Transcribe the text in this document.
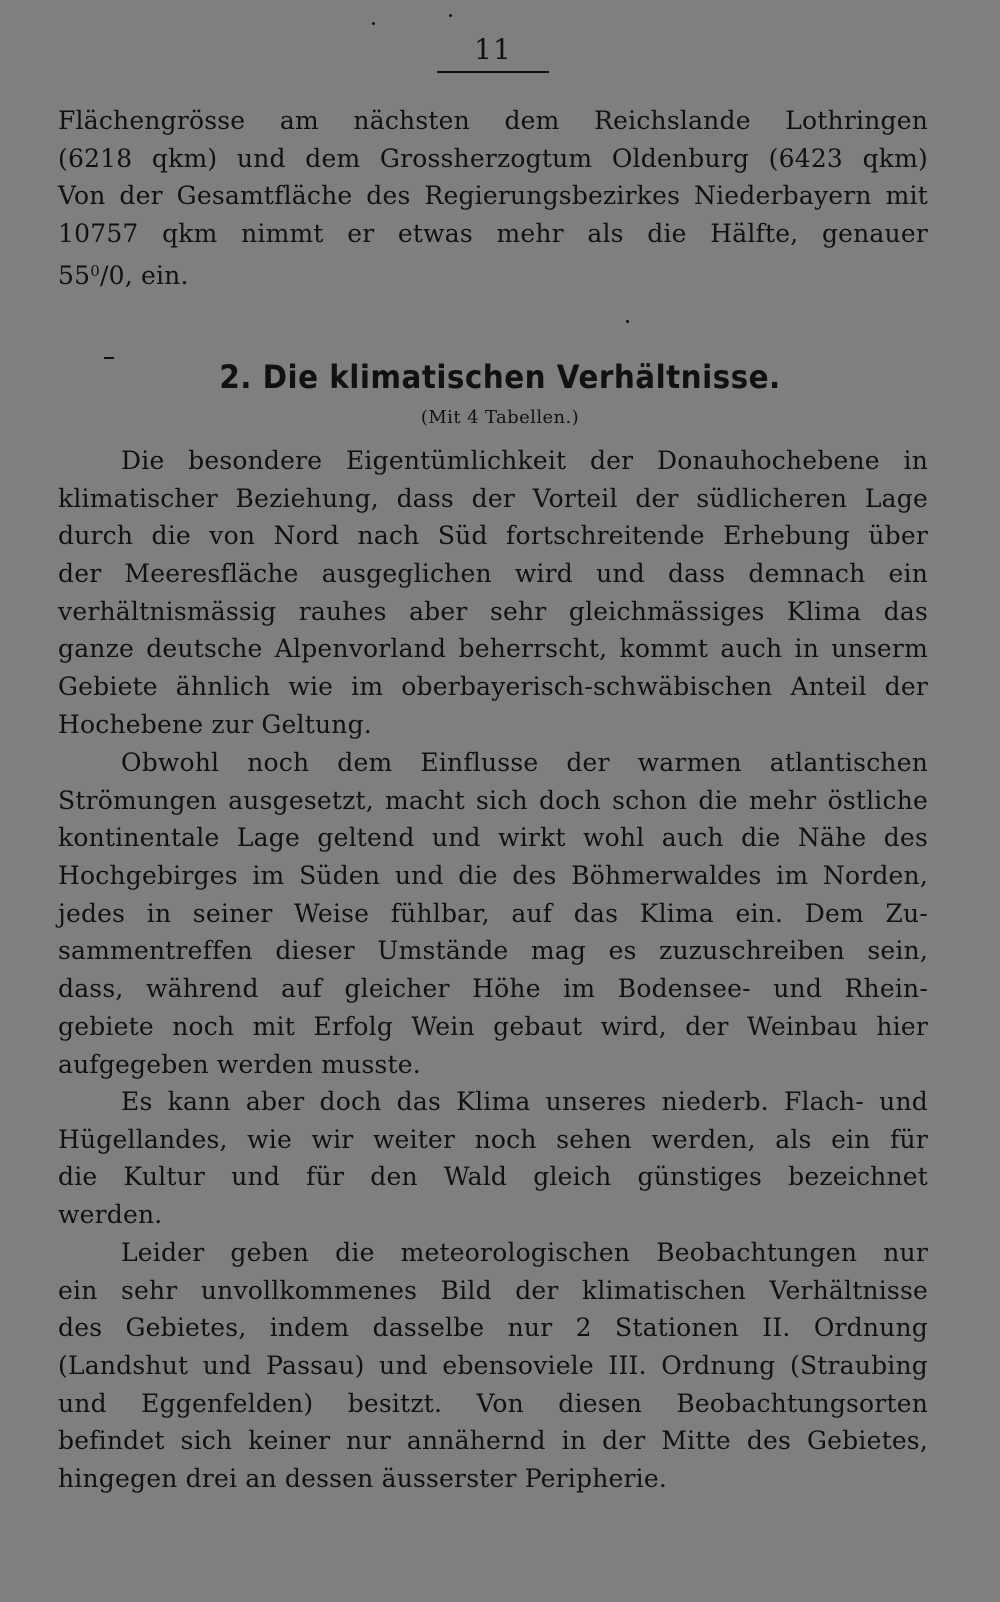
11
Flächengrösse am nächsten dem Reichslande Lothringen
(6218 qkm) und dem Grossherzogtum Oldenburg (6423 qkm)
Von der Gesamtfläche des Regierungsbezirkes Niederbayern mit
10757 qkm nimmt er etwas mehr als die Hälfte, genauer
$55^0/0$, ein.
2. Die klimatischen Verhältnisse.
(Mit 4 Tabellen.)
Die besondere Eigentümlichkeit der Donauhochebene in
klimatischer Beziehung, dass der Vorteil der südlicheren Lage
durch die von Nord nach Süd fortschreitende Erhebung über
der Meeresfläche ausgeglichen wird und dass demnach ein
verhältnismässig rauhes aber sehr gleichmässiges Klima das
ganze deutsche Alpenvorland beherrscht, kommt auch in unserm
Gebiete ähnlich wie im oberbayerisch-schwäbischen Anteil der
Hochebene zur Geltung.
Obwohl noch dem Einflusse der warmen atlantischen
Strömungen ausgesetzt, macht sich doch schon die mehr östliche
kontinentale Lage geltend und wirkt wohl auch die Nähe des
Hochgebirges im Süden und die des Böhmerwaldes im Norden,
jedes in seiner Weise fühlbar, auf das Klima ein. Dem Zu-
sammentreffen dieser Umstände mag es zuzuschreiben sein,
dass, während auf gleicher Höhe im Bodensee- und Rhein-
gebiete noch mit Erfolg Wein gebaut wird, der Weinbau hier
aufgegeben werden musste.
Es kann aber doch das Klima unseres niederb. Flach- und
Hügellandes, wie wir weiter noch sehen werden, als ein für
die Kultur und für den Wald gleich günstiges bezeichnet
werden.
Leider geben die meteorologischen Beobachtungen nur
ein sehr unvollkommenes Bild der klimatischen Verhältnisse
des Gebietes, indem dasselbe nur 2 Stationen II. Ordnung
(Landshut und Passau) und ebensoviele III. Ordnung (Straubing
und Eggenfelden) besitzt. Von diesen Beobachtungsorten
befindet sich keiner nur annähernd in der Mitte des Gebietes,
hingegen drei an dessen äusserster Peripherie.
